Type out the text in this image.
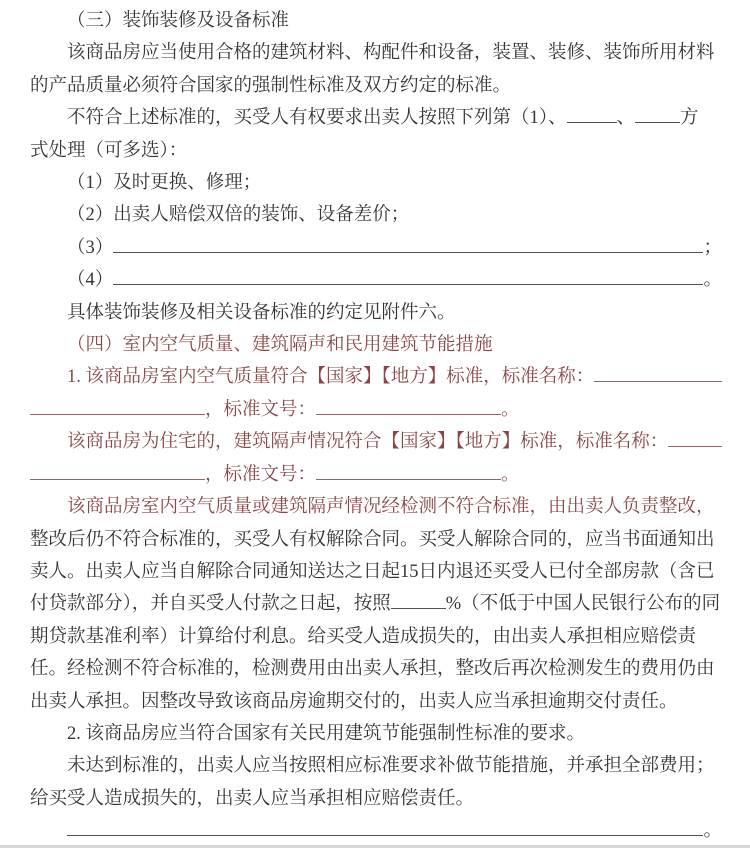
（三）装饰装修及设备标准
该商品房应当使用合格的建筑材料、构配件和设备，装置、装修、装饰所用材料
的产品质量必须符合国家的强制性标准及双方约定的标准。
不符合上述标准的，买受人有权要求出卖人按照下列第（1）、	、 方
式处理（可多选）：
（1）及时更换、修理；
（2）出卖人赔偿双倍的装饰、设备差价；
（3）	；
（4）	。
具体装饰装修及相关设备标准的约定见附件六。
（四）室内空气质量、建筑隔声和民用建筑节能措施
1. 该商品房室内空气质量符合【国家】【地方】标准，标准名称：
，标准文号：	。
该商品房为住宅的，建筑隔声情况符合【国家】【地方】标准，标准名称：
，标准文号：	。
该商品房室内空气质量或建筑隔声情况经检测不符合标准，由出卖人负责整改，
整改后仍不符合标准的，买受人有权解除合同。买受人解除合同的，应当书面通知出
卖人。出卖人应当自解除合同通知送达之日起15日内退还买受人已付全部房款（含已
付贷款部分），并自买受人付款之日起，按照	%（不低于中国人民银行公布的同
期贷款基准利率）计算给付利息。给买受人造成损失的，由出卖人承担相应赔偿责
任。经检测不符合标准的，检测费用由出卖人承担，整改后再次检测发生的费用仍由
出卖人承担。因整改导致该商品房逾期交付的，出卖人应当承担逾期交付责任。
2. 该商品房应当符合国家有关民用建筑节能强制性标准的要求。
未达到标准的，出卖人应当按照相应标准要求补做节能措施，并承担全部费用；
给买受人造成损失的，出卖人应当承担相应赔偿责任。
。
